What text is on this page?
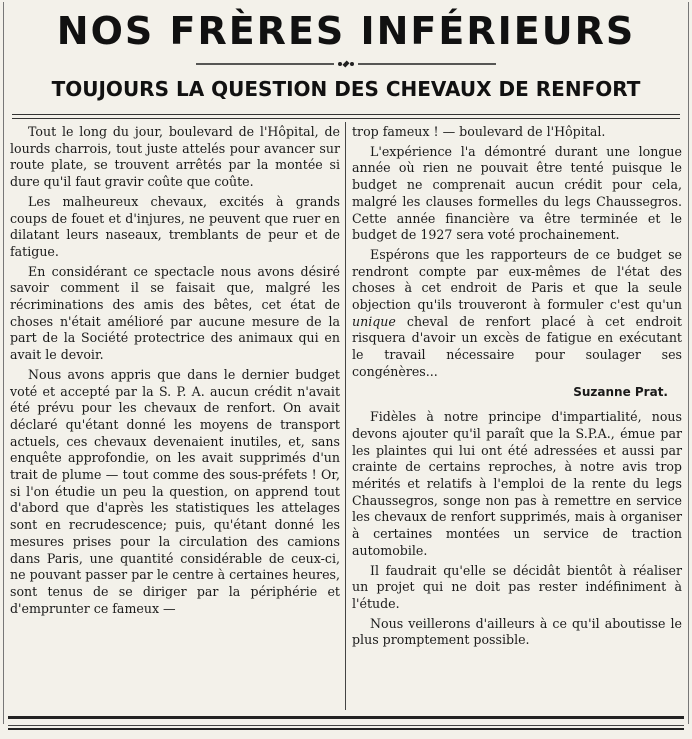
NOS FRÈRES INFÉRIEURS
TOUJOURS LA QUESTION DES CHEVAUX DE RENFORT

Tout le long du jour, boulevard de l'Hôpital, de lourds charrois, tout juste attelés pour avancer sur route plate, se trouvent arrêtés par la montée si dure qu'il faut gravir coûte que coûte.

Les malheureux chevaux, excités à grands coups de fouet et d'injures, ne peuvent que ruer en dilatant leurs naseaux, tremblants de peur et de fatigue.

En considérant ce spectacle nous avons désiré savoir comment il se faisait que, malgré les récriminations des amis des bêtes, cet état de choses n'était amélioré par aucune mesure de la part de la Société protectrice des animaux qui en avait le devoir.

Nous avons appris que dans le dernier budget voté et accepté par la S. P. A. aucun crédit n'avait été prévu pour les chevaux de renfort. On avait déclaré qu'étant donné les moyens de transport actuels, ces chevaux devenaient inutiles, et, sans enquête approfondie, on les avait supprimés d'un trait de plume — tout comme des sous-préfets ! Or, si l'on étudie un peu la question, on apprend tout d'abord que d'après les statistiques les attelages sont en recrudescence; puis, qu'étant donné les mesures prises pour la circulation des camions dans Paris, une quantité considérable de ceux-ci, ne pouvant passer par le centre à certaines heures, sont tenus de se diriger par la périphérie et d'emprunter ce fameux —

trop fameux ! — boulevard de l'Hôpital.

L'expérience l'a démontré durant une longue année où rien ne pouvait être tenté puisque le budget ne comprenait aucun crédit pour cela, malgré les clauses formelles du legs Chaussegros. Cette année financière va être terminée et le budget de 1927 sera voté prochainement.

Espérons que les rapporteurs de ce budget se rendront compte par eux-mêmes de l'état des choses à cet endroit de Paris et que la seule objection qu'ils trouveront à formuler c'est qu'un unique cheval de renfort placé à cet endroit risquera d'avoir un excès de fatigue en exécutant le travail nécessaire pour soulager ses congénères...

Suzanne Prat.

Fidèles à notre principe d'impartialité, nous devons ajouter qu'il paraît que la S.P.A., émue par les plaintes qui lui ont été adressées et aussi par crainte de certains reproches, à notre avis trop mérités et relatifs à l'emploi de la rente du legs Chaussegros, songe non pas à remettre en service les chevaux de renfort supprimés, mais à organiser à certaines montées un service de traction automobile.

Il faudrait qu'elle se décidât bientôt à réaliser un projet qui ne doit pas rester indéfiniment à l'étude.

Nous veillerons d'ailleurs à ce qu'il aboutisse le plus promptement possible.
